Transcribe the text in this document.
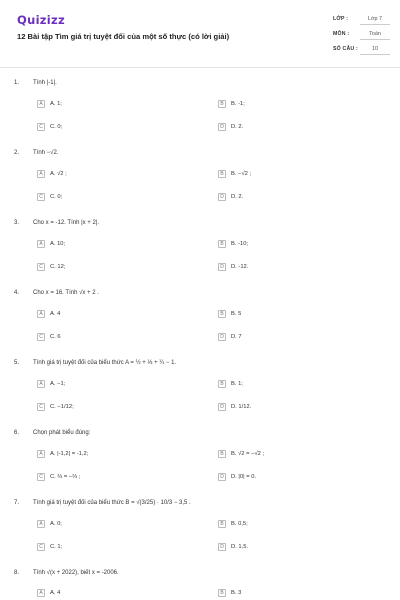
Quizizz
12 Bài tập Tìm giá trị tuyệt đối của một số thực (có lời giải)
LỚP :	Lớp 7
MÔN :	Toán
SỐ CÂU :	10
1. Tính |-1|.
A	A. 1;	B	B. -1;
C	C. 0;	D	D. 2.
2. Tính −√2.
A	A. √2 ;	B	B. −√2 ;
C	C. 0;	D	D. 2.
3. Cho x = -12. Tính |x + 2|.
A	A. 10;	B	B. -10;
C	C. 12;	D	D. -12.
4. Cho x = 16. Tính √x + 2 .
A	A. 4	B	B. 5
C	C. 6	D	D. 7
5. Tính giá trị tuyệt đối của biểu thức A = ½ + ⅓ + ¼ − 1.
A	A. −1;	B	B. 1;
C	C. −1/12;	D	D. 1/12.
6. Chọn phát biểu đúng:
A	A. |-1,2| = -1,2;	B	B. √2 = −√2 ;
C	C. ⅔ = −⅔ ;	D	D. |0| = 0.
7. Tính giá trị tuyệt đối của biểu thức B = √(3/25) · 10/3 − 3,5 .
A	A. 0;	B	B. 0,5;
C	C. 1;	D	D. 1,5.
8. Tính √(x + 2022), biết x = -2006.
A	A. 4	B	B. 3
